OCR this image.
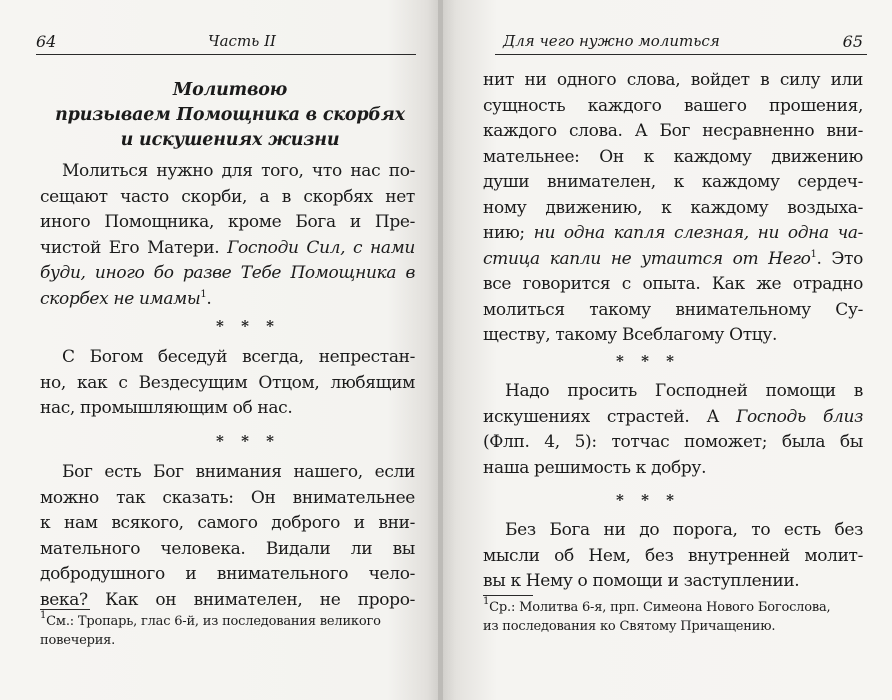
64	Часть II
Молитвою
призываем Помощника в скорбях
и искушениях жизни
Молиться нужно для того, что нас по-
сещают часто скорби, а в скорбях нет
иного Помощника, кроме Бога и Пре-
чистой Его Матери. Господи Сил, с нами
буди, иного бо разве Тебе Помощника в
скорбех не имамы$^1$.
* * *
С Богом беседуй всегда, непрестан-
но, как с Вездесущим Отцом, любящим
нас, промышляющим об нас.
* * *
Бог есть Бог внимания нашего, если
можно так сказать: Он внимательнее
к нам всякого, самого доброго и вни-
мательного человека. Видали ли вы
добродушного и внимательного чело-
века? Как он внимателен, не проро-
$^1$См.: Тропарь, глас 6-й, из последования великого
повечерия.
Для чего нужно молиться	65
нит ни одного слова, войдет в силу или
сущность каждого вашего прошения,
каждого слова. А Бог несравненно вни-
мательнее: Он к каждому движению
души внимателен, к каждому сердеч-
ному движению, к каждому воздыха-
нию; ни одна капля слезная, ни одна ча-
стица капли не утаится от Него$^1$. Это
все говорится с опыта. Как же отрадно
молиться такому внимательному Су-
ществу, такому Всеблагому Отцу.
* * *
Надо просить Господней помощи в
искушениях страстей. А Господь близ
(Флп. 4, 5): тотчас поможет; была бы
наша решимость к добру.
* * *
Без Бога ни до порога, то есть без
мысли об Нем, без внутренней молит-
вы к Нему о помощи и заступлении.
$^1$Ср.: Молитва 6-я, прп. Симеона Нового Богослова,
из последования ко Святому Причащению.
